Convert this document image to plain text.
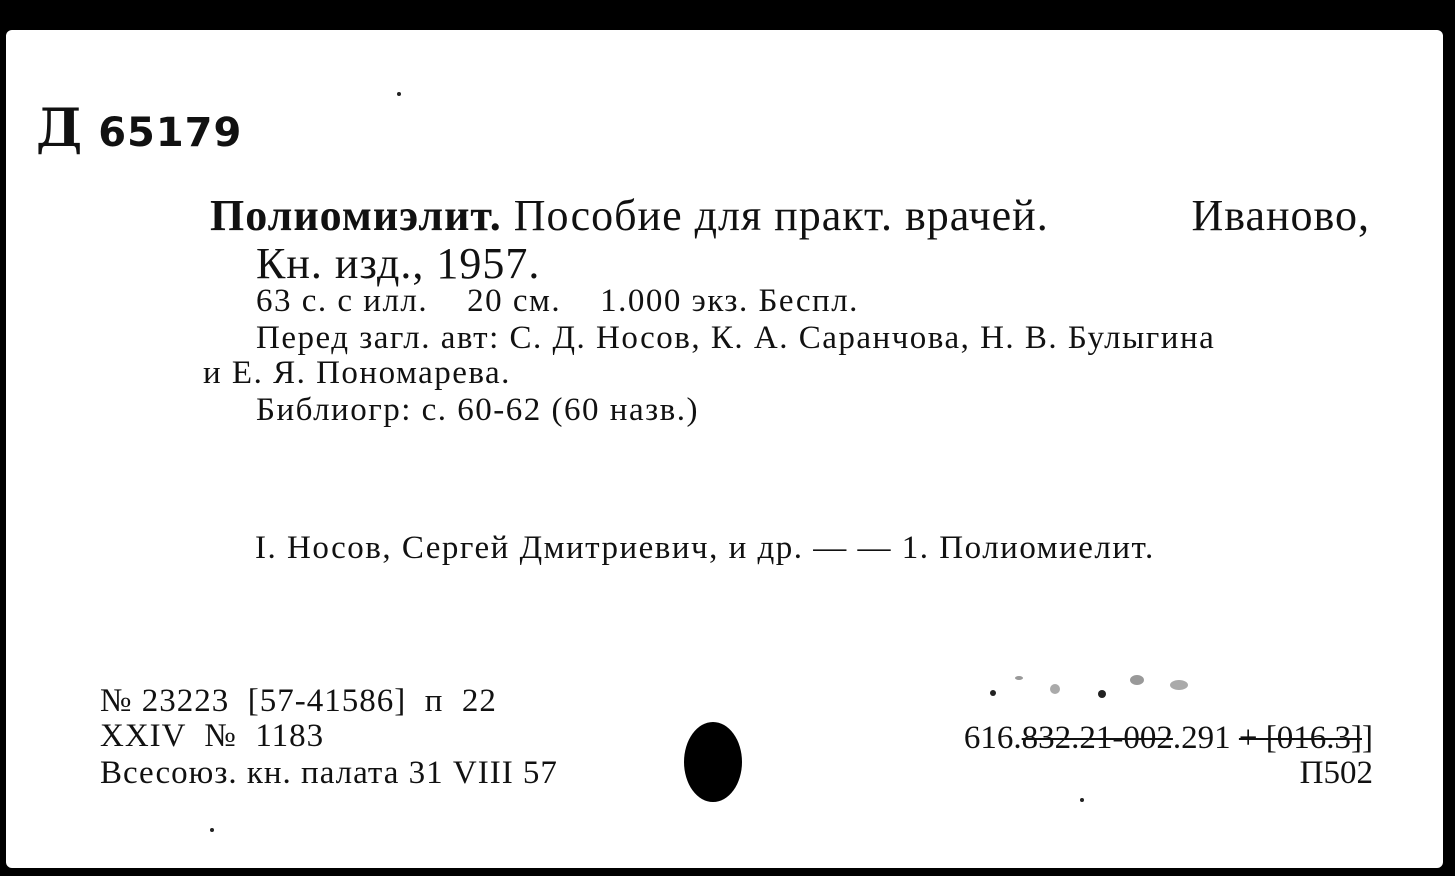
Д 65179
Полиомиэлит. Пособие для практ. врачей.	Иваново,
Кн. изд., 1957.
63 с. с илл.    20 см.    1.000 экз. Беспл.
Перед загл. авт: С. Д. Носов, К. А. Саранчова, Н. В. Булыгина
и Е. Я. Пономарева.
Библиогр: с. 60-62 (60 назв.)
I. Носов, Сергей Дмитриевич, и др. — — 1. Полиомиелит.
№ 23223  [57-41586]  п  22
XXIV  №  1183
Всесоюз. кн. палата 31 VIII 57
616.832.21-002.291 + [016.3]]
П502
